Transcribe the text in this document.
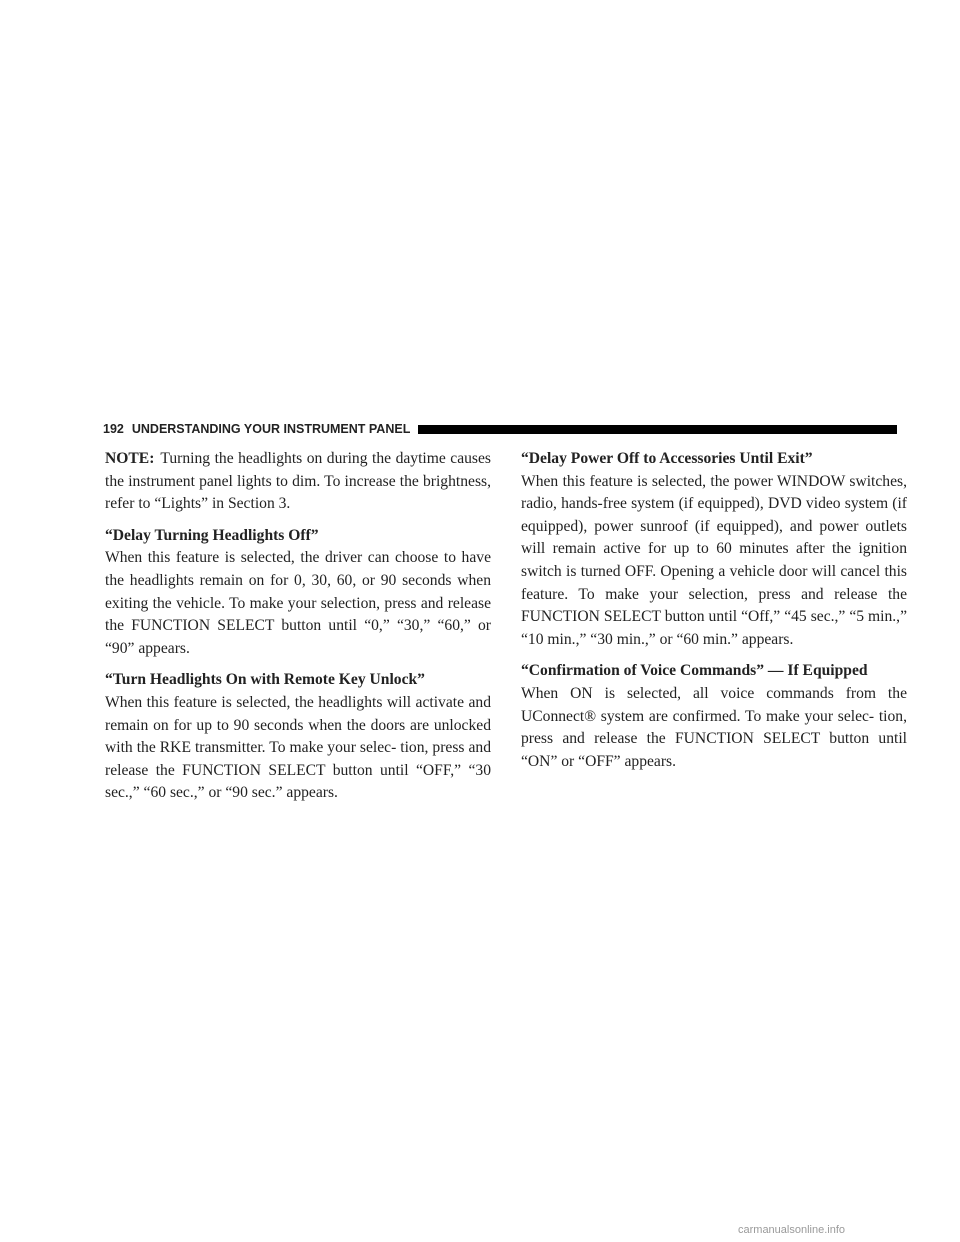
192 UNDERSTANDING YOUR INSTRUMENT PANEL

NOTE: Turning the headlights on during the daytime causes the instrument panel lights to dim. To increase the brightness, refer to “Lights” in Section 3.

“Delay Turning Headlights Off”

When this feature is selected, the driver can choose to have the headlights remain on for 0, 30, 60, or 90 seconds when exiting the vehicle. To make your selection, press and release the FUNCTION SELECT button until “0,” “30,” “60,” or “90” appears.

“Turn Headlights On with Remote Key Unlock”

When this feature is selected, the headlights will activate and remain on for up to 90 seconds when the doors are unlocked with the RKE transmitter. To make your selec- tion, press and release the FUNCTION SELECT button until “OFF,” “30 sec.,” “60 sec.,” or “90 sec.” appears.

“Delay Power Off to Accessories Until Exit”

When this feature is selected, the power WINDOW switches, radio, hands-free system (if equipped), DVD video system (if equipped), power sunroof (if equipped), and power outlets will remain active for up to 60 minutes after the ignition switch is turned OFF. Opening a vehicle door will cancel this feature. To make your selection, press and release the FUNCTION SELECT button until “Off,” “45 sec.,” “5 min.,” “10 min.,” “30 min.,” or “60 min.” appears.

“Confirmation of Voice Commands” — If Equipped

When ON is selected, all voice commands from the UConnect® system are confirmed. To make your selec- tion, press and release the FUNCTION SELECT button until “ON” or “OFF” appears.

carmanualsonline.info
